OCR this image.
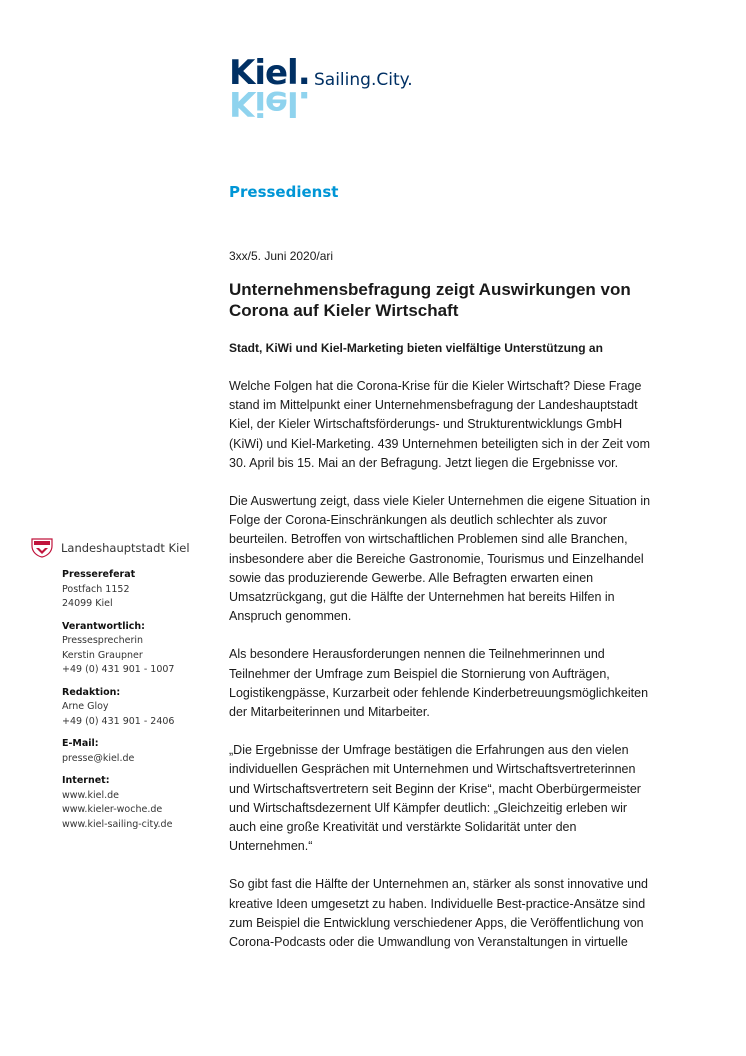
Kiel.
Kiel.
Sailing.City.
Pressedienst
3xx/5. Juni 2020/ari
Unternehmensbefragung zeigt Auswirkungen von
Corona auf Kieler Wirtschaft
Stadt, KiWi und Kiel-Marketing bieten vielfältige Unterstützung an

Welche Folgen hat die Corona-Krise für die Kieler Wirtschaft? Diese Frage
stand im Mittelpunkt einer Unternehmensbefragung der Landeshauptstadt
Kiel, der Kieler Wirtschaftsförderungs- und Strukturentwicklungs GmbH
(KiWi) und Kiel-Marketing. 439 Unternehmen beteiligten sich in der Zeit vom
30. April bis 15. Mai an der Befragung. Jetzt liegen die Ergebnisse vor.

Die Auswertung zeigt, dass viele Kieler Unternehmen die eigene Situation in
Folge der Corona-Einschränkungen als deutlich schlechter als zuvor
beurteilen. Betroffen von wirtschaftlichen Problemen sind alle Branchen,
insbesondere aber die Bereiche Gastronomie, Tourismus und Einzelhandel
sowie das produzierende Gewerbe. Alle Befragten erwarten einen
Umsatzrückgang, gut die Hälfte der Unternehmen hat bereits Hilfen in
Anspruch genommen.

Als besondere Herausforderungen nennen die Teilnehmerinnen und
Teilnehmer der Umfrage zum Beispiel die Stornierung von Aufträgen,
Logistikengpässe, Kurzarbeit oder fehlende Kinderbetreuungsmöglichkeiten
der Mitarbeiterinnen und Mitarbeiter.

„Die Ergebnisse der Umfrage bestätigen die Erfahrungen aus den vielen
individuellen Gesprächen mit Unternehmen und Wirtschaftsvertreterinnen
und Wirtschaftsvertretern seit Beginn der Krise“, macht Oberbürgermeister
und Wirtschaftsdezernent Ulf Kämpfer deutlich: „Gleichzeitig erleben wir
auch eine große Kreativität und verstärkte Solidarität unter den
Unternehmen.“

So gibt fast die Hälfte der Unternehmen an, stärker als sonst innovative und
kreative Ideen umgesetzt zu haben. Individuelle Best-practice-Ansätze sind
zum Beispiel die Entwicklung verschiedener Apps, die Veröffentlichung von
Corona-Podcasts oder die Umwandlung von Veranstaltungen in virtuelle

Landeshauptstadt Kiel
Pressereferat
Postfach 1152
24099 Kiel
Verantwortlich:
Pressesprecherin
Kerstin Graupner
+49 (0) 431 901 - 1007
Redaktion:
Arne Gloy
+49 (0) 431 901 - 2406
E-Mail:
presse@kiel.de
Internet:
www.kiel.de
www.kieler-woche.de
www.kiel-sailing-city.de
